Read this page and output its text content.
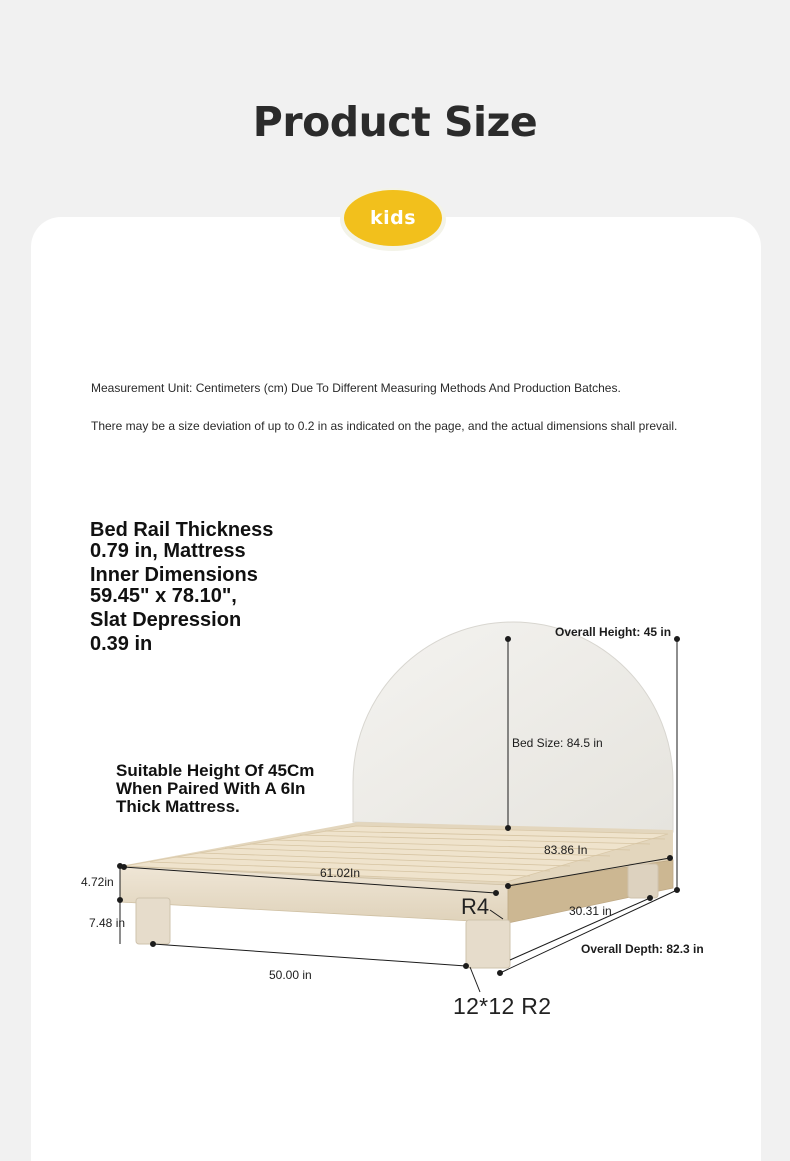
Product Size
kids
Measurement Unit: Centimeters (cm) Due To Different Measuring Methods And Production Batches.
There may be a size deviation of up to 0.2 in as indicated on the page, and the actual dimensions shall prevail.
Bed Rail Thickness
0.79 in, Mattress
Inner Dimensions
59.45" x 78.10",
Slat Depression
0.39 in
Suitable Height Of 45Cm
When Paired With A 6In
Thick Mattress.
Overall Height: 45 in
Bed Size: 84.5 in
83.86 In
61.02In
4.72in
7.48 in
50.00 in
30.31 in
Overall Depth: 82.3 in
R4
12*12 R2
